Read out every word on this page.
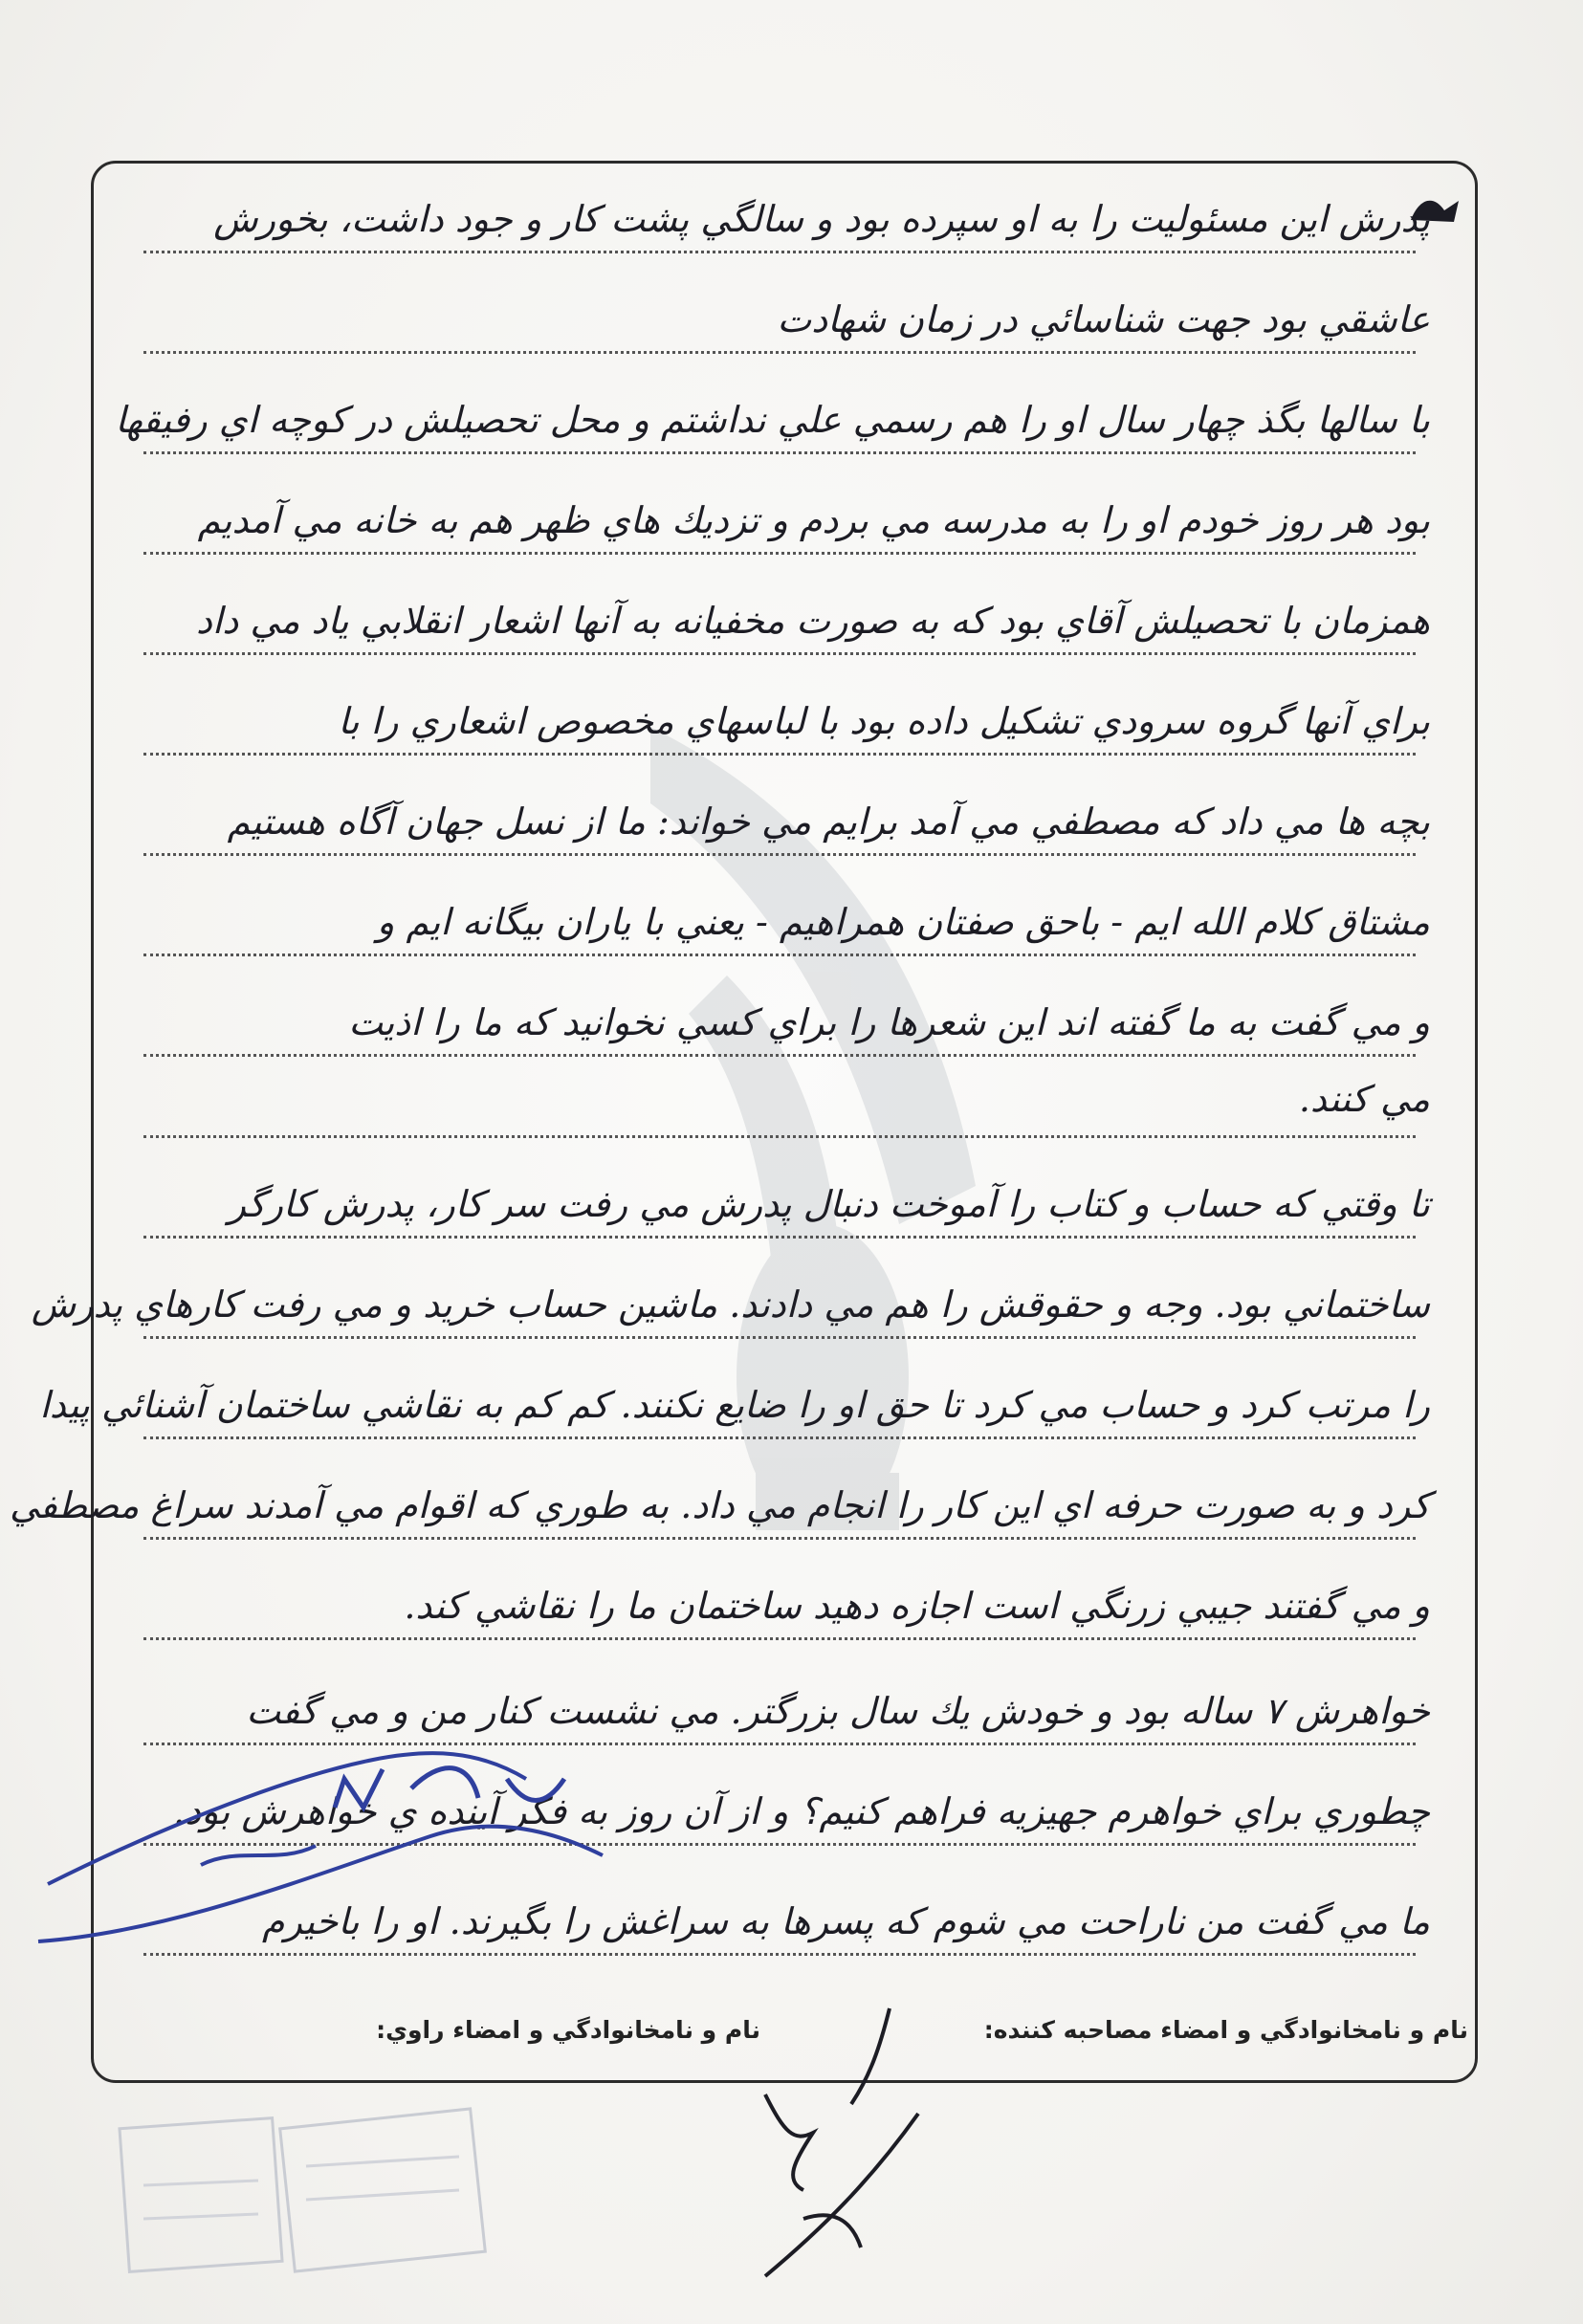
پدر‌ش اين مسئوليت را به او سپرده بود و سالگي پشت كار و جود داشت، بخورش
عاشقي بود جهت شناسائي در زمان شهادت
با سالها بگذ چهار سال او را هم رسمي علي نداشتم و محل تحصيلش در كوچه اي رفيقها
بود هر روز خودم او را به مدرسه مي بردم و تزديك هاي ظهر هم به خانه مي آمديم
همزمان با تحصيلش آقاي بود كه به صورت مخفيانه به آنها اشعار انقلابي ياد مي داد
براي آنها گروه سرودي تشكيل داده بود با لباسهاي مخصوص اشعاري را با
بچه ها مي داد كه مصطفي مي آمد برايم مي خواند: ما از نسل جهان آگاه هستيم
مشتاق كلام الله ايم - باحق صفتان همراهيم - يعني با ياران بيگانه ايم و
و مي گفت به ما گفته اند اين شعرها را براي كسي نخوانيد كه ما را اذيت
مي كنند.
تا وقتي كه حساب و كتاب را آموخت دنبال پدرش مي رفت سر كار، پدرش كارگر
ساختماني بود. وجه و حقوقش را هم مي دادند. ماشين حساب خريد و مي رفت كارهاي پدرش
را مرتب كرد و حساب مي كرد تا حق او را ضايع نكنند. كم كم به نقاشي ساختمان آشنائي پيدا
كرد و به صورت حرفه اي اين كار را انجام مي داد. به طوري كه اقوام مي آمدند سراغ مصطفي
و مي گفتند جيبي زرنگي است اجازه دهيد ساختمان ما را نقاشي كند.
خواهرش ۷ ساله بود و خودش يك سال بزرگتر. مي نشست كنار من و مي گفت
چطوري براي خواهرم جهيزيه فراهم كنيم؟ و از آن روز به فكر آينده ي خواهرش بود.
ما مي گفت من ناراحت مي شوم كه پسرها به سراغش را بگيرند. او را باخيرم
نام و نامخانوادگي و امضاء مصاحبه كننده:
نام و نامخانوادگي و امضاء راوي:
